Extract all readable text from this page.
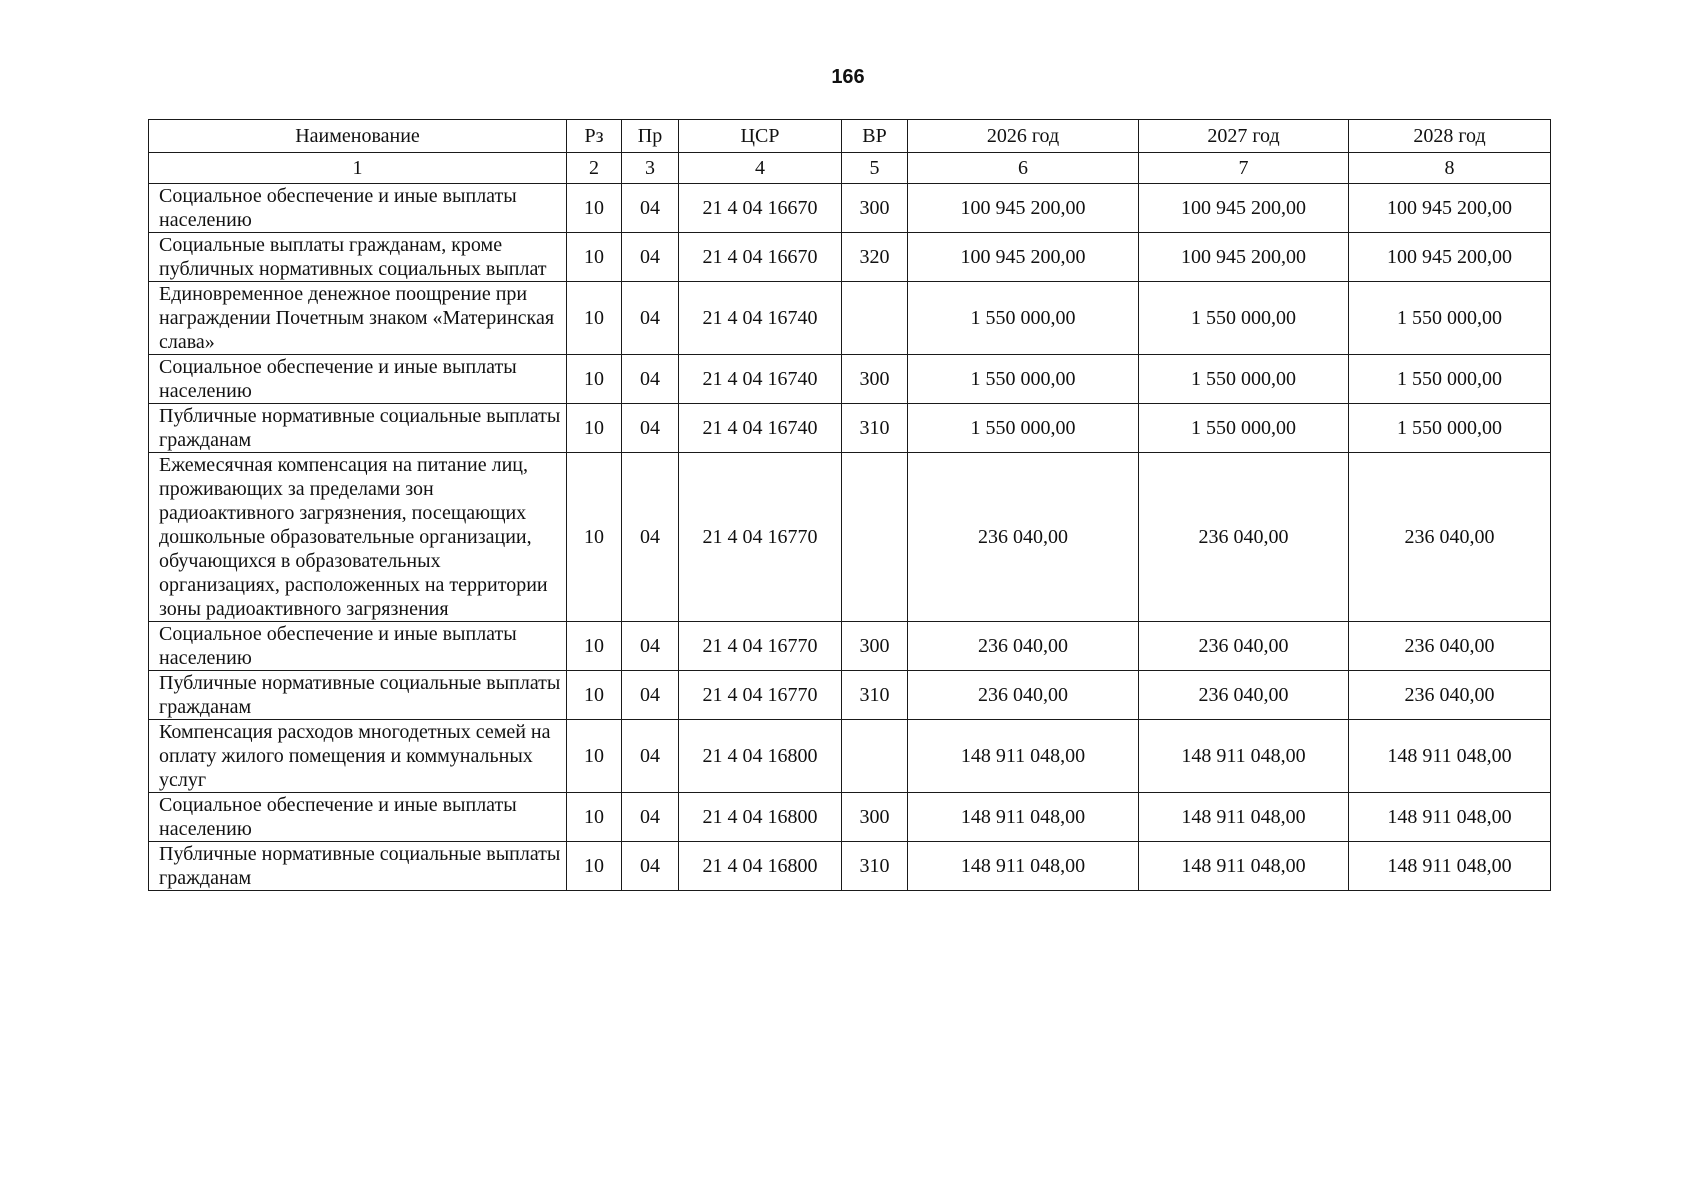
166
Наименование	Рз	Пр	ЦСР	ВР	2026 год	2027 год	2028 год
1	2	3	4	5	6	7	8
Социальное обеспечение и иные выплаты населению	10	04	21 4 04 16670	300	100 945 200,00	100 945 200,00	100 945 200,00
Социальные выплаты гражданам, кроме публичных нормативных социальных выплат	10	04	21 4 04 16670	320	100 945 200,00	100 945 200,00	100 945 200,00
Единовременное денежное поощрение при награждении Почетным знаком «Материнская слава»	10	04	21 4 04 16740		1 550 000,00	1 550 000,00	1 550 000,00
Социальное обеспечение и иные выплаты населению	10	04	21 4 04 16740	300	1 550 000,00	1 550 000,00	1 550 000,00
Публичные нормативные социальные выплаты гражданам	10	04	21 4 04 16740	310	1 550 000,00	1 550 000,00	1 550 000,00
Ежемесячная компенсация на питание лиц, проживающих за пределами зон радиоактивного загрязнения, посещающих дошкольные образовательные организации, обучающихся в образовательных организациях, расположенных на территории зоны радиоактивного загрязнения	10	04	21 4 04 16770		236 040,00	236 040,00	236 040,00
Социальное обеспечение и иные выплаты населению	10	04	21 4 04 16770	300	236 040,00	236 040,00	236 040,00
Публичные нормативные социальные выплаты гражданам	10	04	21 4 04 16770	310	236 040,00	236 040,00	236 040,00
Компенсация расходов многодетных семей на оплату жилого помещения и коммунальных услуг	10	04	21 4 04 16800		148 911 048,00	148 911 048,00	148 911 048,00
Социальное обеспечение и иные выплаты населению	10	04	21 4 04 16800	300	148 911 048,00	148 911 048,00	148 911 048,00
Публичные нормативные социальные выплаты гражданам	10	04	21 4 04 16800	310	148 911 048,00	148 911 048,00	148 911 048,00
